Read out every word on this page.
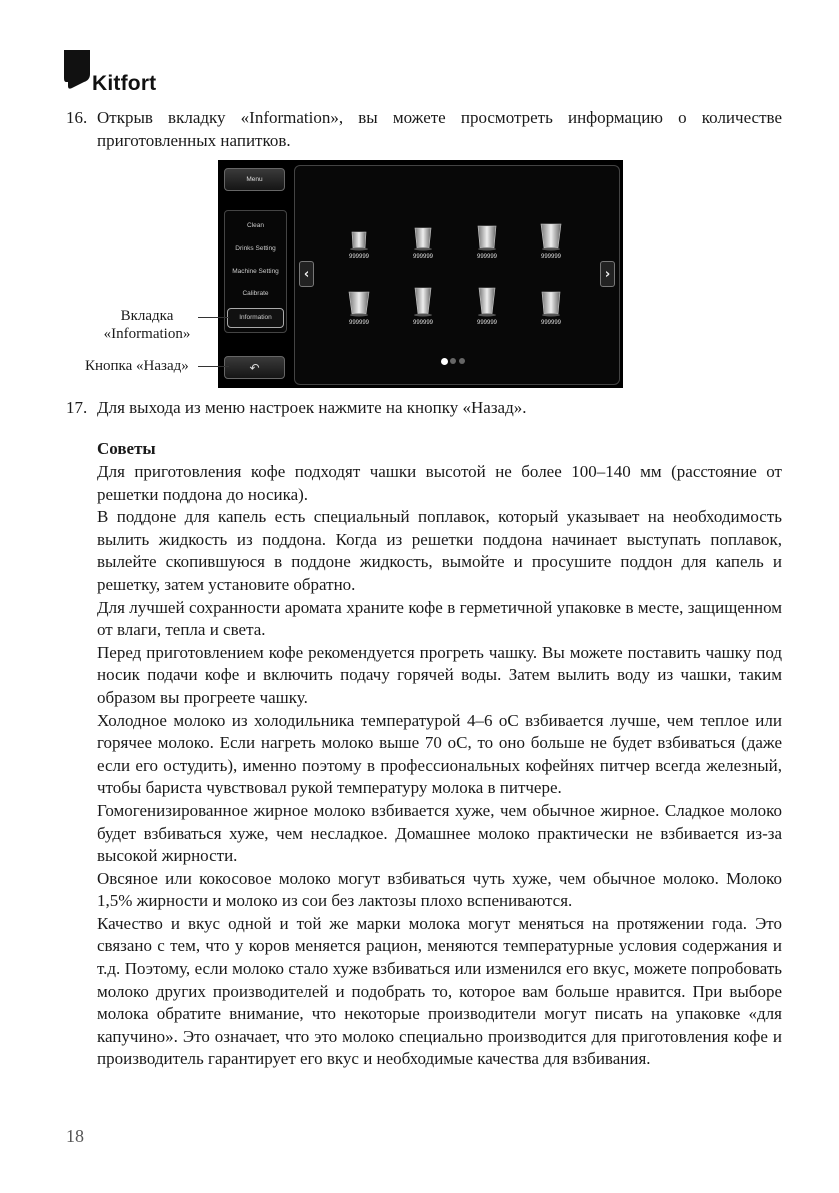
Kitfort
16. Открыв вкладку «Information», вы можете просмотреть информацию о количестве приготовленных напитков.
Menu
Clean
Drinks Setting
Machine Setting
Calibrate
Information
↶
‹	›
999999	999999	999999	999999
999999	999999	999999	999999
Вкладка
«Information»
Кнопка «Назад»
17. Для выхода из меню настроек нажмите на кнопку «Назад».
Советы
Для приготовления кофе подходят чашки высотой не более 100–140 мм (расстояние от решетки поддона до носика).
В поддоне для капель есть специальный поплавок, который указывает на необходимость вылить жидкость из поддона. Когда из решетки поддона начинает выступать поплавок, вылейте скопившуюся в поддоне жидкость, вымойте и просушите поддон для капель и решетку, затем установите обратно.
Для лучшей сохранности аромата храните кофе в герметичной упаковке в месте, защищенном от влаги, тепла и света.
Перед приготовлением кофе рекомендуется прогреть чашку. Вы можете поставить чашку под носик подачи кофе и включить подачу горячей воды. Затем вылить воду из чашки, таким образом вы прогреете чашку.
Холодное молоко из холодильника температурой 4–6 оС взбивается лучше, чем теплое или горячее молоко. Если нагреть молоко выше 70 оС, то оно больше не будет взбиваться (даже если его остудить), именно поэтому в профессиональных кофейнях питчер всегда железный, чтобы бариста чувствовал рукой температуру молока в питчере.
Гомогенизированное жирное молоко взбивается хуже, чем обычное жирное. Сладкое молоко будет взбиваться хуже, чем несладкое. Домашнее молоко практически не взбивается из-за высокой жирности.
Овсяное или кокосовое молоко могут взбиваться чуть хуже, чем обычное молоко. Молоко 1,5% жирности и молоко из сои без лактозы плохо вспениваются.
Качество и вкус одной и той же марки молока могут меняться на протяжении года. Это связано с тем, что у коров меняется рацион, меняются температурные условия содержания и т.д. Поэтому, если молоко стало хуже взбиваться или изменился его вкус, можете попробовать молоко других производителей и подобрать то, которое вам больше нравится. При выборе молока обратите внимание, что некоторые производители могут писать на упаковке «для капучино». Это означает, что это молоко специально производится для приготовления кофе и производитель гарантирует его вкус и необходимые качества для взбивания.
18
